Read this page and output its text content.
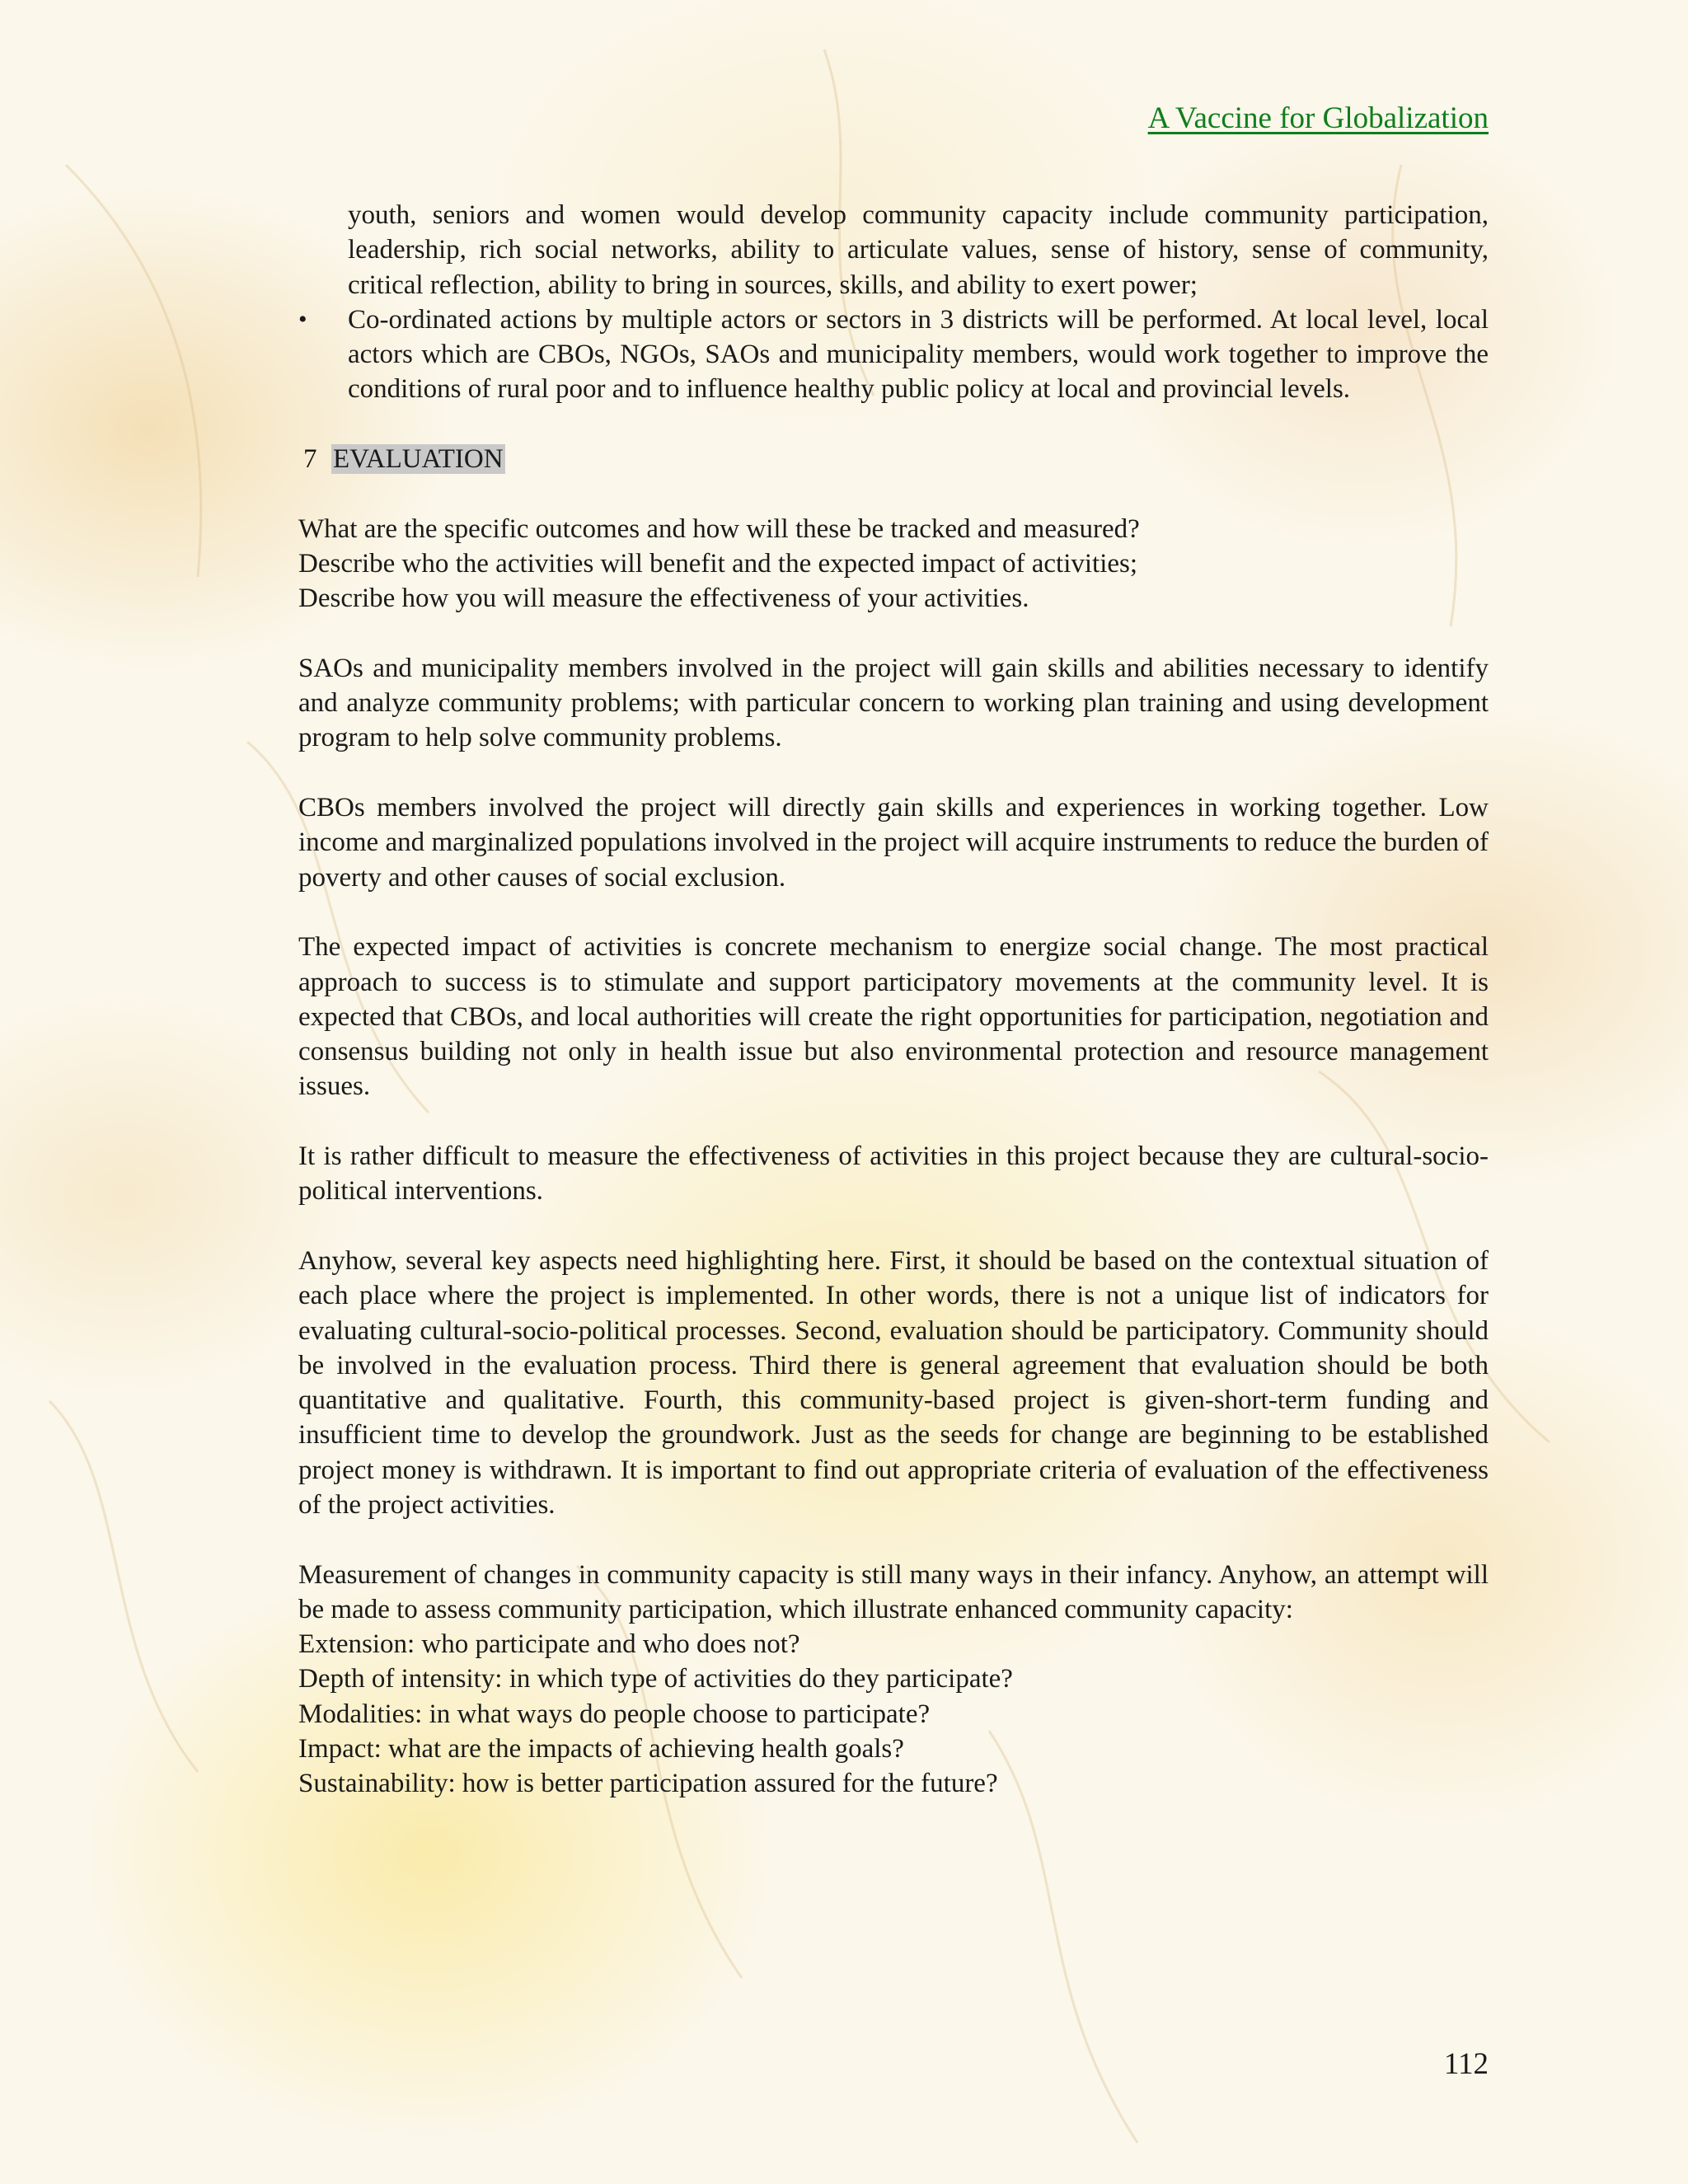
A Vaccine for Globalization
youth, seniors and women would develop community capacity include community participation, leadership, rich social networks, ability to articulate values, sense of history, sense of community, critical reflection, ability to bring in sources, skills, and ability to exert power;
• Co-ordinated actions by multiple actors or sectors in 3 districts will be performed. At local level, local actors which are CBOs, NGOs, SAOs and municipality members, would work together to improve the conditions of rural poor and to influence healthy public policy at local and provincial levels.

7 EVALUATION

What are the specific outcomes and how will these be tracked and measured?

Describe who the activities will benefit and the expected impact of activities;

Describe how you will measure the effectiveness of your activities.

SAOs and municipality members involved in the project will gain skills and abilities necessary to identify and analyze community problems; with particular concern to working plan training and using development program to help solve community problems.

CBOs members involved the project will directly gain skills and experiences in working together. Low income and marginalized populations involved in the project will acquire instruments to reduce the burden of poverty and other causes of social exclusion.

The expected impact of activities is concrete mechanism to energize social change. The most practical approach to success is to stimulate and support participatory movements at the community level. It is expected that CBOs, and local authorities will create the right opportunities for participation, negotiation and consensus building not only in health issue but also environmental protection and resource management issues.

It is rather difficult to measure the effectiveness of activities in this project because they are cultural-socio-political interventions.

Anyhow, several key aspects need highlighting here. First, it should be based on the contextual situation of each place where the project is implemented. In other words, there is not a unique list of indicators for evaluating cultural-socio-political processes. Second, evaluation should be participatory. Community should be involved in the evaluation process. Third there is general agreement that evaluation should be both quantitative and qualitative. Fourth, this community-based project is given-short-term funding and insufficient time to develop the groundwork. Just as the seeds for change are beginning to be established project money is withdrawn. It is important to find out appropriate criteria of evaluation of the effectiveness of the project activities.

Measurement of changes in community capacity is still many ways in their infancy. Anyhow, an attempt will be made to assess community participation, which illustrate enhanced community capacity:

Extension: who participate and who does not?

Depth of intensity: in which type of activities do they participate?

Modalities: in what ways do people choose to participate?

Impact: what are the impacts of achieving health goals?

Sustainability: how is better participation assured for the future?

112
